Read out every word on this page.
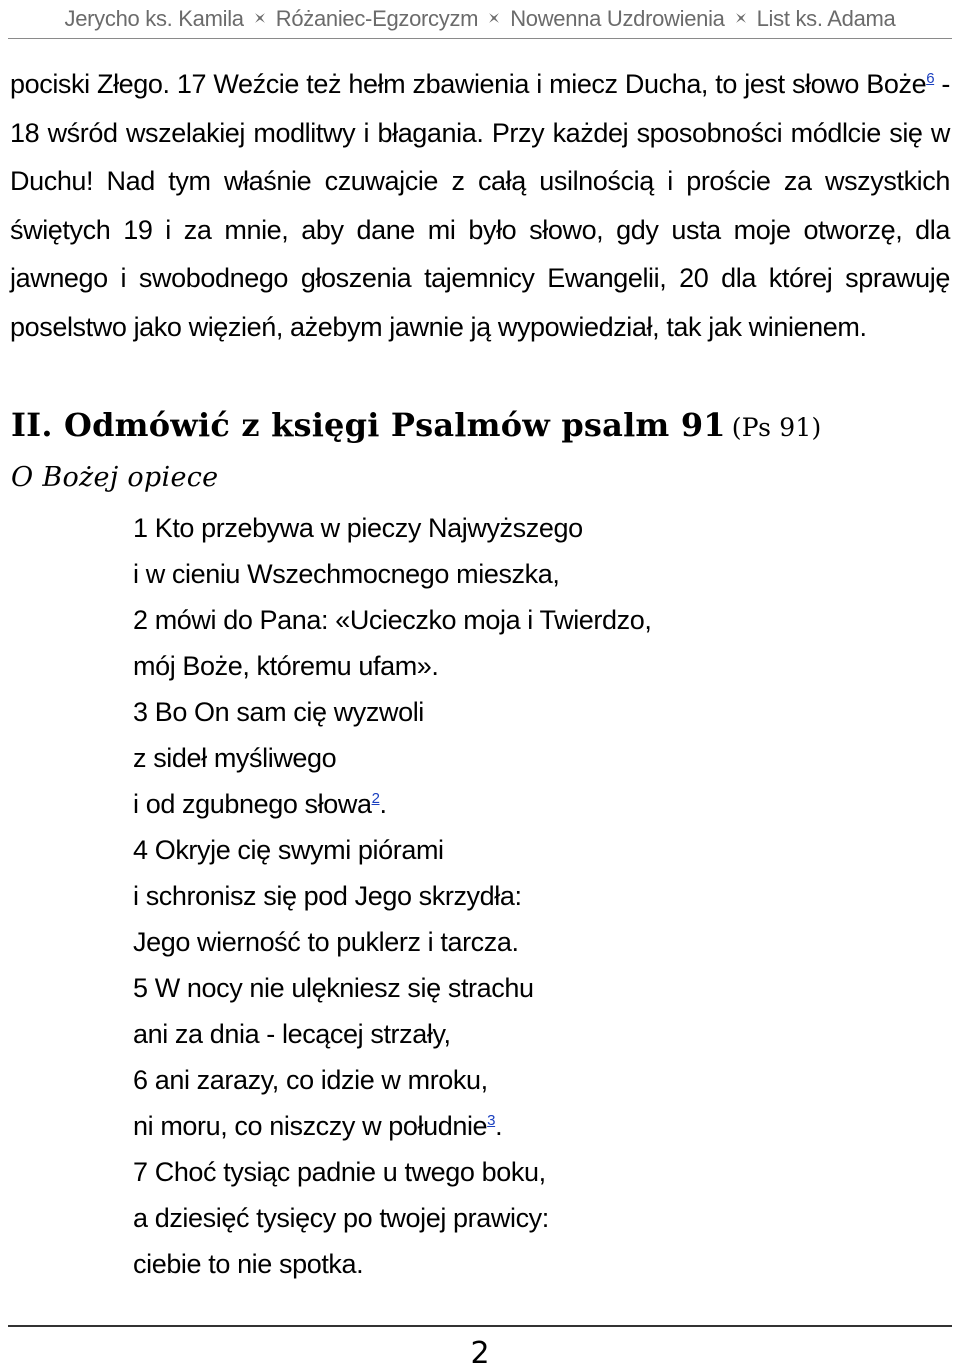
Jerycho ks. Kamila Różaniec-Egzorcyzm Nowenna Uzdrowienia List ks. Adama
pociski Złego. 17 Weźcie też hełm zbawienia i miecz Ducha, to jest słowo Boże$^6$ - 18 wśród wszelakiej modlitwy i błagania. Przy każdej sposobności módlcie się w Duchu! Nad tym właśnie czuwajcie z całą usilnością i proście za wszystkich świętych 19 i za mnie, aby dane mi było słowo, gdy usta moje otworzę, dla jawnego i swobodnego głoszenia tajemnicy Ewangelii, 20 dla której sprawuję poselstwo jako więzień, ażebym jawnie ją wypowiedział, tak jak winienem.
II. Odmówić z księgi Psalmów psalm 91 (Ps 91)
O Bożej opiece
1 Kto przebywa w pieczy Najwyższego
i w cieniu Wszechmocnego mieszka,
2 mówi do Pana: «Ucieczko moja i Twierdzo,
mój Boże, któremu ufam».
3 Bo On sam cię wyzwoli
z sideł myśliwego
i od zgubnego słowa$^2$.
4 Okryje cię swymi piórami
i schronisz się pod Jego skrzydła:
Jego wierność to puklerz i tarcza.
5 W nocy nie ulękniesz się strachu
ani za dnia - lecącej strzały,
6 ani zarazy, co idzie w mroku,
ni moru, co niszczy w południe$^3$.
7 Choć tysiąc padnie u twego boku,
a dziesięć tysięcy po twojej prawicy:
ciebie to nie spotka.
2
